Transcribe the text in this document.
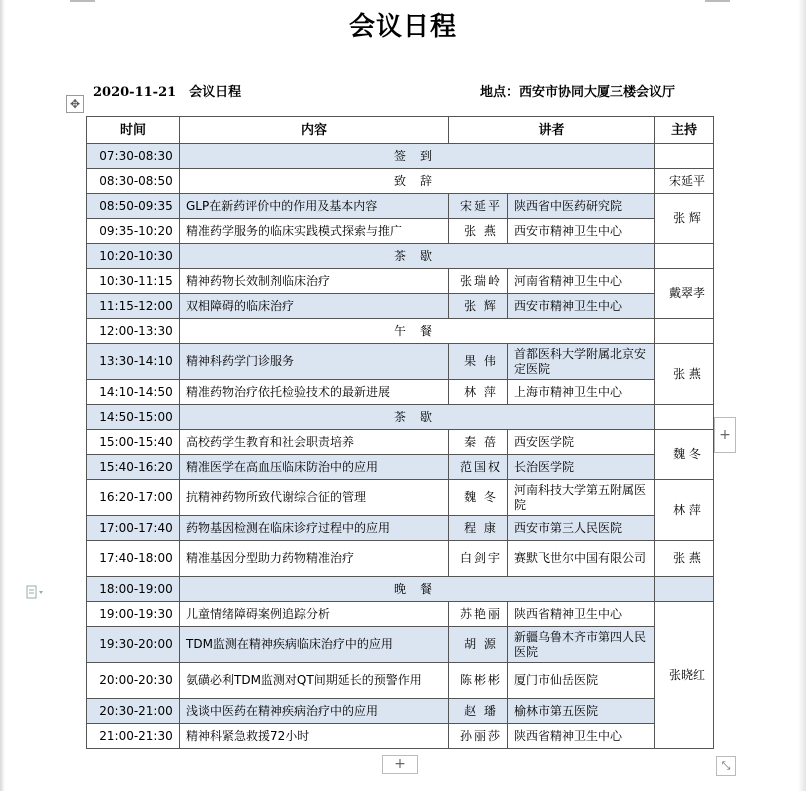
会议日程
2020-11-21　会议日程	地点：西安市协同大厦三楼会议厅
✥
时间	内容	讲者		主持
07:30-08:30	签到			
08:30-08:50	致辞			宋延平
08:50-09:35	GLP在新药评价中的作用及基本内容	宋延平	陕西省中医药研究院	张 辉
09:35-10:20	精准药学服务的临床实践模式探索与推广	张 燕	西安市精神卫生中心	
10:20-10:30	茶歇			
10:30-11:15	精神药物长效制剂临床治疗	张瑞岭	河南省精神卫生中心	戴翠孝
11:15-12:00	双相障碍的临床治疗	张 辉	西安市精神卫生中心	
12:00-13:30	午餐			
13:30-14:10	精神科药学门诊服务	果 伟	首都医科大学附属北京安定医院	张 燕
14:10-14:50	精准药物治疗依托检验技术的最新进展	林 萍	上海市精神卫生中心	
14:50-15:00	茶歇			
15:00-15:40	高校药学生教育和社会职责培养	秦 蓓	西安医学院	魏 冬
15:40-16:20	精准医学在高血压临床防治中的应用	范国权	长治医学院	
16:20-17:00	抗精神药物所致代谢综合征的管理	魏 冬	河南科技大学第五附属医院	林 萍
17:00-17:40	药物基因检测在临床诊疗过程中的应用	程 康	西安市第三人民医院	
17:40-18:00	精准基因分型助力药物精准治疗	白剑宇	赛默飞世尔中国有限公司	张 燕
18:00-19:00	晚餐			
19:00-19:30	儿童情绪障碍案例追踪分析	苏艳丽	陕西省精神卫生中心	张晓红
19:30-20:00	TDM监测在精神疾病临床治疗中的应用	胡 源	新疆乌鲁木齐市第四人民医院	
20:00-20:30	氨磺必利TDM监测对QT间期延长的预警作用	陈彬彬	厦门市仙岳医院	
20:30-21:00	浅谈中医药在精神疾病治疗中的应用	赵 璠	榆林市第五医院	
21:00-21:30	精神科紧急救援72小时	孙丽莎	陕西省精神卫生中心	
+
+	⤡
